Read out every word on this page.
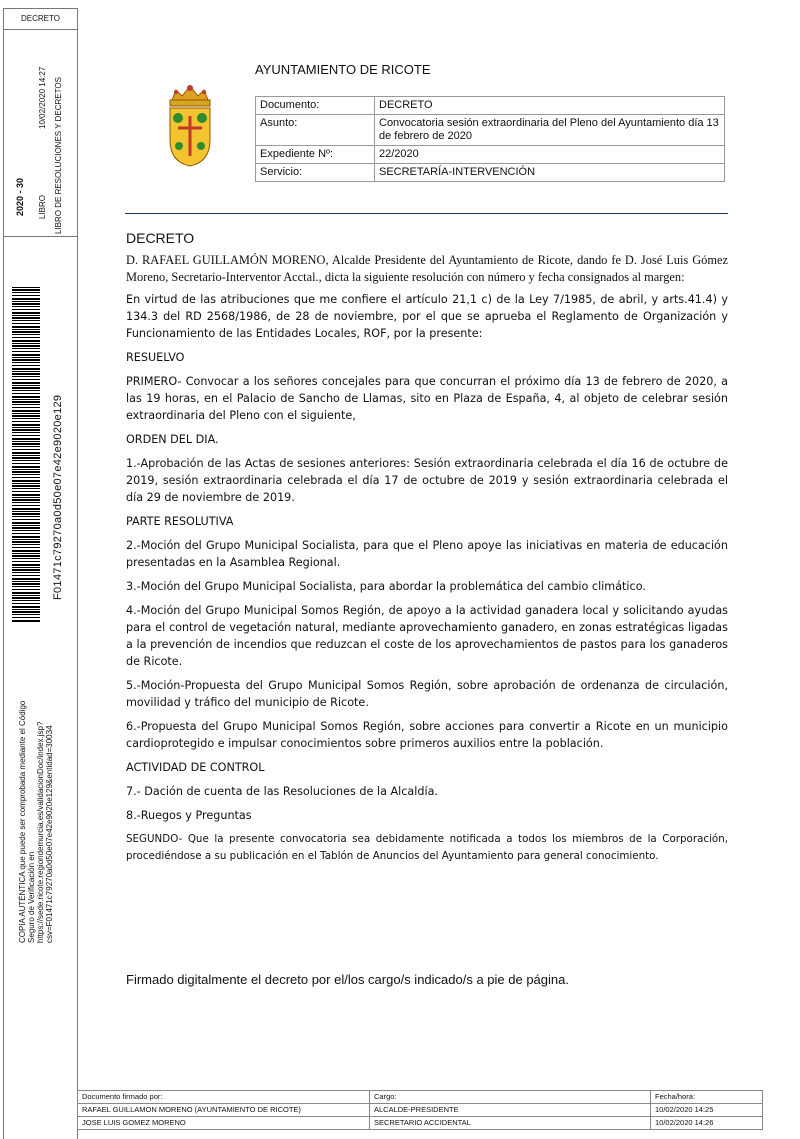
DECRETO
2020 - 30 LIBRO LIBRO DE RESOLUCIONES Y DECRETOS
10/02/2020 14:27
F01471c79270a0d50e07e42e9020e129
COPIA AUTÉNTICA que puede ser comprobada mediante el Código Seguro de Verificación en https://sede.ricote.regiondemurcia.es/validacionDoc/index.jsp?csv=F01471c79270a0d50e07e42e9020e129&entidad=30034
AYUNTAMIENTO DE RICOTE
Documento:	DECRETO
Asunto:	Convocatoria sesión extraordinaria del Pleno del Ayuntamiento día 13 de febrero de 2020
Expediente Nº:	22/2020
Servicio:	SECRETARÍA-INTERVENCIÓN
DECRETO

D. RAFAEL GUILLAMÓN MORENO, Alcalde Presidente del Ayuntamiento de Ricote, dando fe D. José Luis Gómez Moreno, Secretario-Interventor Acctal., dicta la siguiente resolución con número y fecha consignados al margen:

En virtud de las atribuciones que me confiere el artículo 21,1 c) de la Ley 7/1985, de abril, y arts.41.4) y 134.3 del RD 2568/1986, de 28 de noviembre, por el que se aprueba el Reglamento de Organización y Funcionamiento de las Entidades Locales, ROF, por la presente:

RESUELVO

PRIMERO- Convocar a los señores concejales para que concurran el próximo día 13 de febrero de 2020, a las 19 horas, en el Palacio de Sancho de Llamas, sito en Plaza de España, 4, al objeto de celebrar sesión extraordinaria del Pleno con el siguiente,

ORDEN DEL DIA.

1.-Aprobación de las Actas de sesiones anteriores: Sesión extraordinaria celebrada el día 16 de octubre de 2019, sesión extraordinaria celebrada el día 17 de octubre de 2019 y sesión extraordinaria celebrada el día 29 de noviembre de 2019.

PARTE RESOLUTIVA

2.-Moción del Grupo Municipal Socialista, para que el Pleno apoye las iniciativas en materia de educación presentadas en la Asamblea Regional.

3.-Moción del Grupo Municipal Socialista, para abordar la problemática del cambio climático.

4.-Moción del Grupo Municipal Somos Región, de apoyo a la actividad ganadera local y solicitando ayudas para el control de vegetación natural, mediante aprovechamiento ganadero, en zonas estratégicas ligadas a la prevención de incendios que reduzcan el coste de los aprovechamientos de pastos para los ganaderos de Ricote.

5.-Moción-Propuesta del Grupo Municipal Somos Región, sobre aprobación de ordenanza de circulación, movilidad y tráfico del municipio de Ricote.

6.-Propuesta del Grupo Municipal Somos Región, sobre acciones para convertir a Ricote en un municipio cardioprotegido e impulsar conocimientos sobre primeros auxilios entre la población.

ACTIVIDAD DE CONTROL

7.- Dación de cuenta de las Resoluciones de la Alcaldía.

8.-Ruegos y Preguntas

SEGUNDO- Que la presente convocatoria sea debidamente notificada a todos los miembros de la Corporación, procediéndose a su publicación en el Tablón de Anuncios del Ayuntamiento para general conocimiento.

Firmado digitalmente el decreto por el/los cargo/s indicado/s a pie de página.
Documento firmado por:	Cargo:	Fecha/hora:
RAFAEL GUILLAMON MORENO (AYUNTAMIENTO DE RICOTE)	ALCALDE-PRESIDENTE	10/02/2020 14:25
JOSE LUIS GOMEZ MORENO	SECRETARIO ACCIDENTAL	10/02/2020 14:26
